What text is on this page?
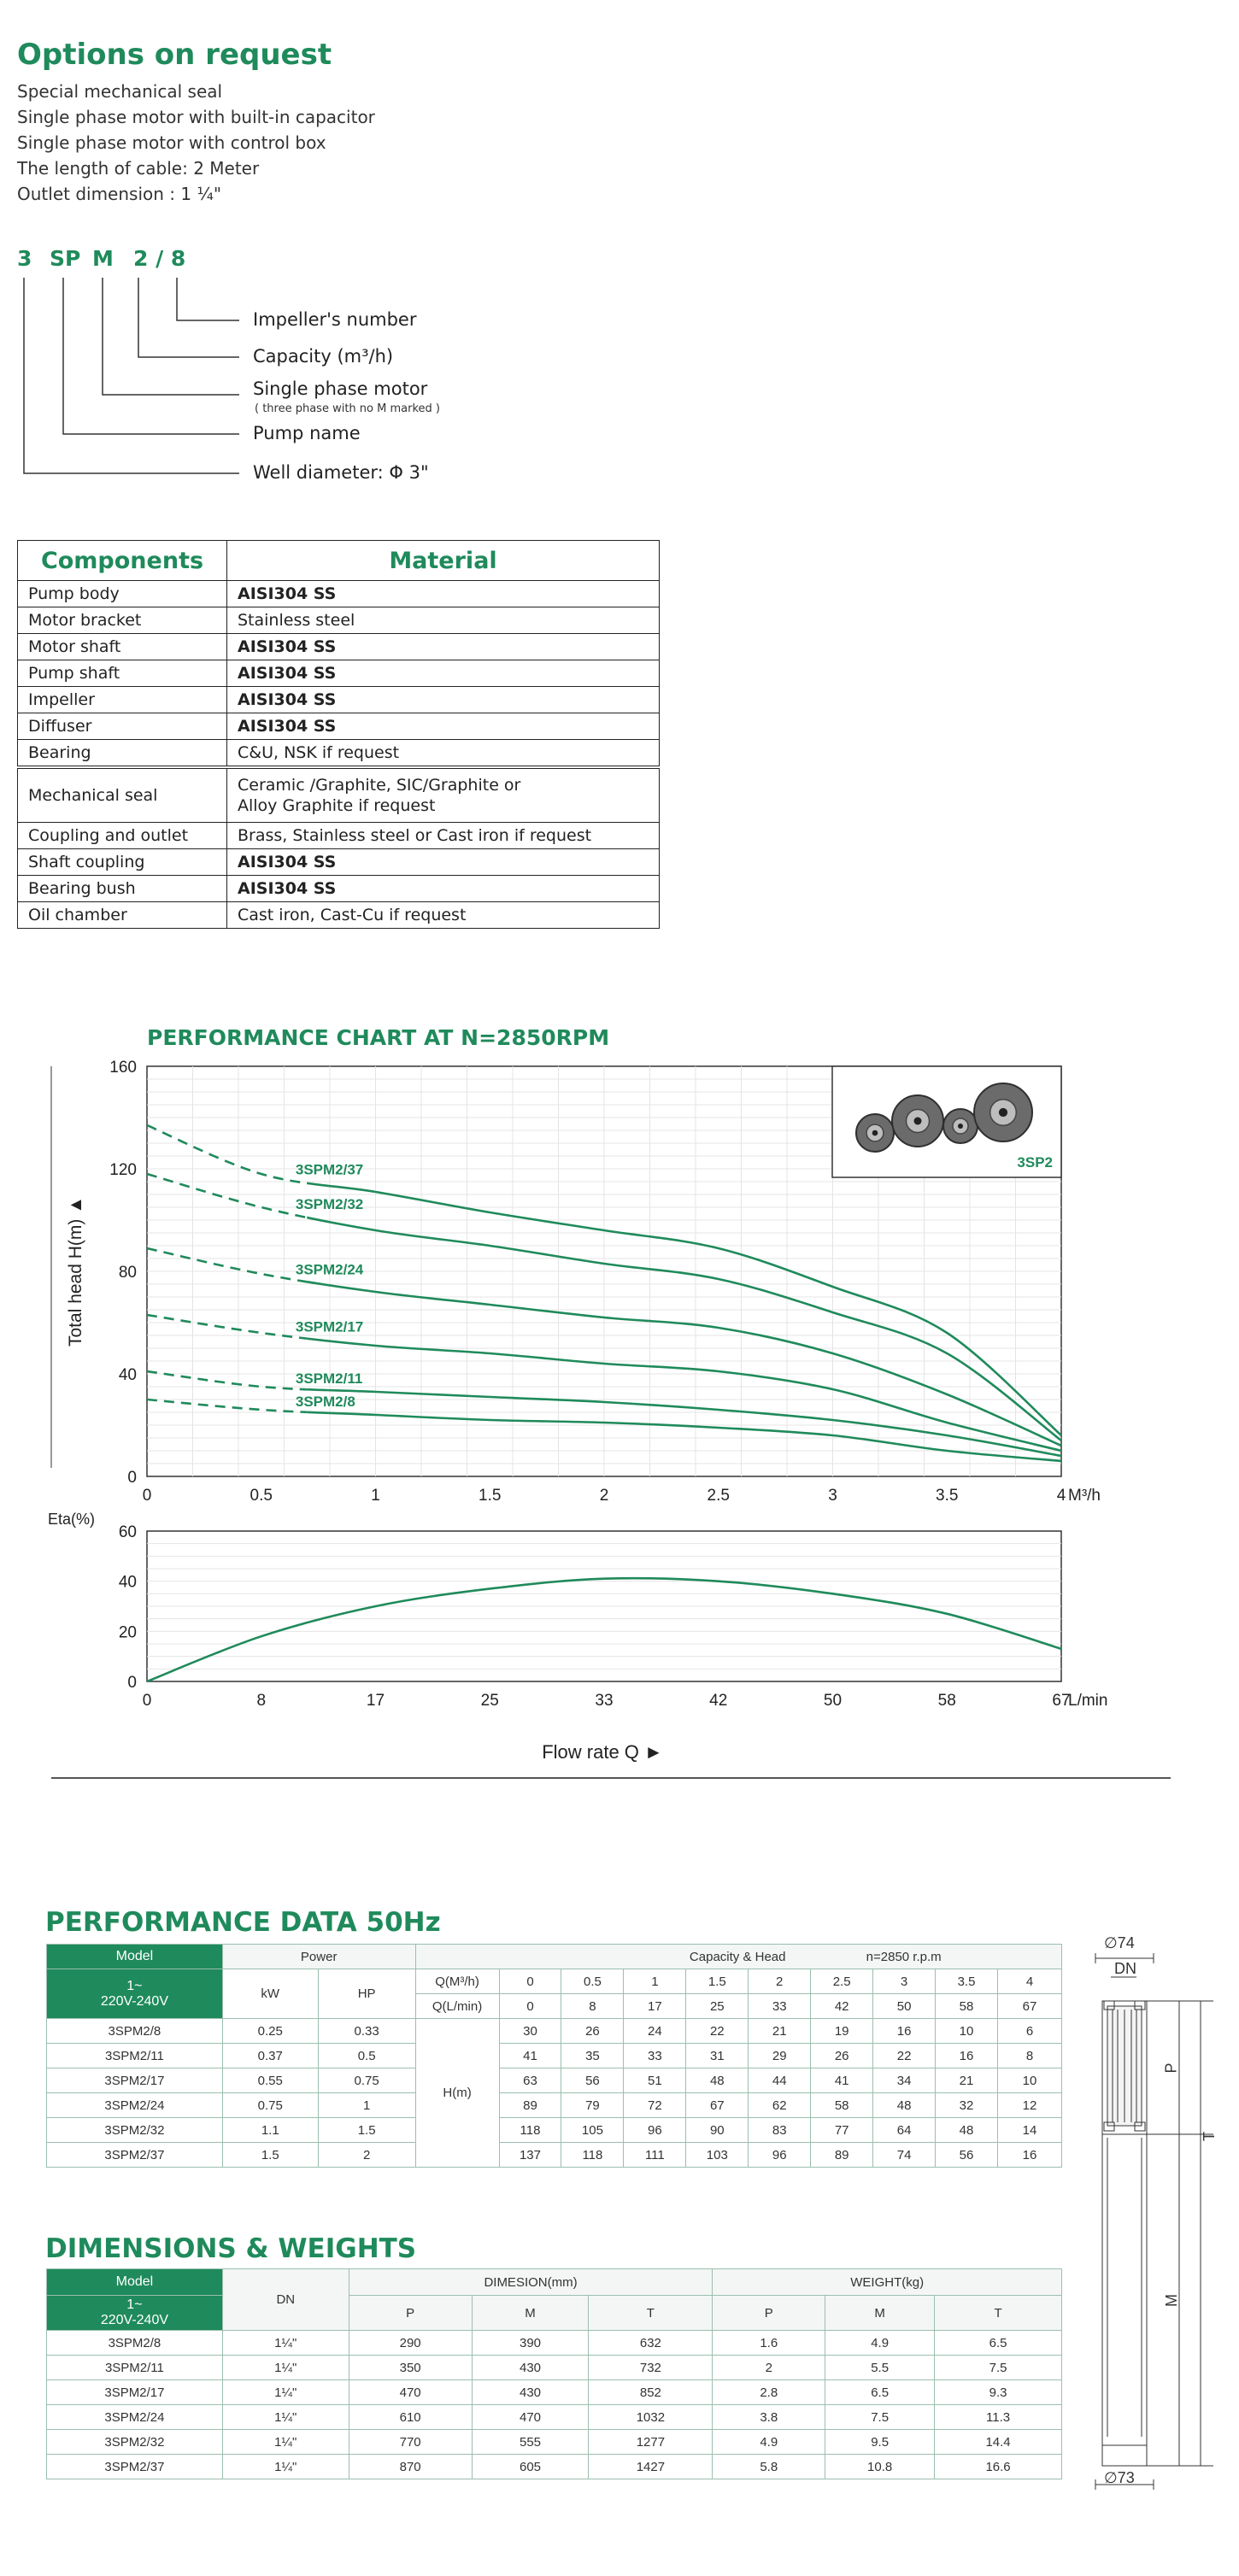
Options on request
Special mechanical seal
Single phase motor with built-in capacitor
Single phase motor with control box
The length of cable: 2 Meter
Outlet dimension : 1 ¼"
3 SP M 2 / 8
Impeller's number
Capacity (m³/h)
Single phase motor
( three phase with no M marked )
Pump name
Well diameter: Φ 3"
Components	Material
Pump body	AISI304 SS
Motor bracket	Stainless steel
Motor shaft	AISI304 SS
Pump shaft	AISI304 SS
Impeller	AISI304 SS
Diffuser	AISI304 SS
Bearing	C&U, NSK if request
Mechanical seal	Ceramic /Graphite, SIC/Graphite or Alloy Graphite if request
Coupling and outlet	Brass, Stainless steel or Cast iron if request
Shaft coupling	AISI304 SS
Bearing bush	AISI304 SS
Oil chamber	Cast iron, Cast-Cu if request
PERFORMANCE CHART AT N=2850RPM
0	0.5	1	1.5	2	2.5	3	3.5	4
0
40
80
120
160
M³/h
Total head H(m) ▲
3SP2
3SPM2/37
3SPM2/32
3SPM2/24
3SPM2/17
3SPM2/11
3SPM2/8
0	8	17	25	33	42	50	58	67
0
20
40
60
Eta(%)
L/min
Flow rate Q ►
PERFORMANCE DATA 50Hz
Model	Power		Capacity & Head n=2850 r.p.m									

1~
220V-240V	kW	HP	Q(M³/h)	0	0.5	1	1.5	2	2.5	3	3.5	4
			Q(L/min)	0	8	17	25	33	42	50	58	67
3SPM2/8	0.25	0.33	H(m)	30	26	24	22	21	19	16	10	6
3SPM2/11	0.37	0.5		41	35	33	31	29	26	22	16	8
3SPM2/17	0.55	0.75		63	56	51	48	44	41	34	21	10
3SPM2/24	0.75	1		89	79	72	67	62	58	48	32	12
3SPM2/32	1.1	1.5		118	105	96	90	83	77	64	48	14
3SPM2/37	1.5	2		137	118	111	103	96	89	74	56	16
DIMENSIONS & WEIGHTS
Model	DN	DIMESION(mm)			WEIGHT(kg)		

1~
220V-240V		P	M	T	P	M	T
3SPM2/8	1¼"	290	390	632	1.6	4.9	6.5
3SPM2/11	1¼"	350	430	732	2	5.5	7.5
3SPM2/17	1¼"	470	430	852	2.8	6.5	9.3
3SPM2/24	1¼"	610	470	1032	3.8	7.5	11.3
3SPM2/32	1¼"	770	555	1277	4.9	9.5	14.4
3SPM2/37	1¼"	870	605	1427	5.8	10.8	16.6
∅74
DN
P
T
M
∅73
